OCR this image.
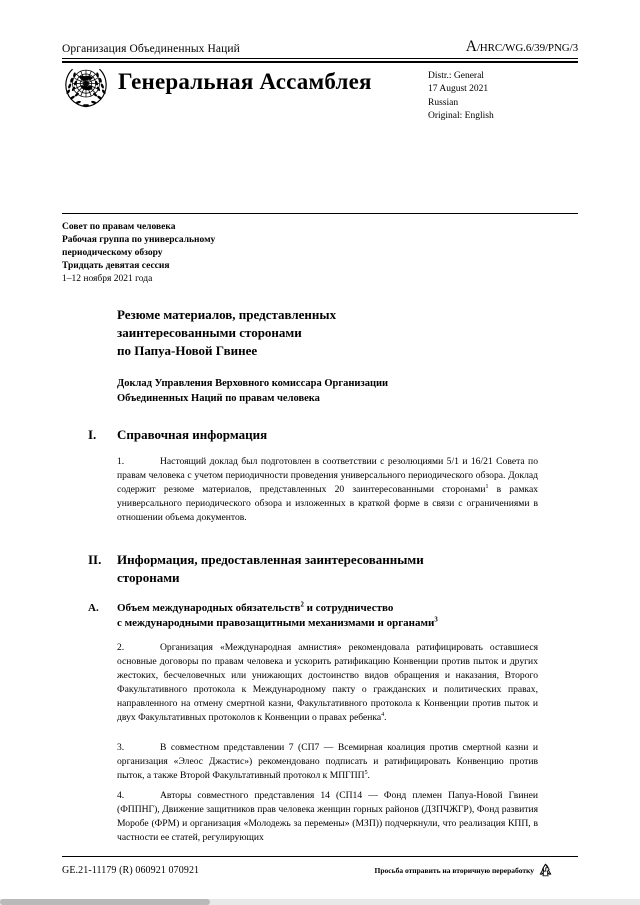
Организация Объединенных Наций	A/HRC/WG.6/39/PNG/3
Генеральная Ассамблея	Distr.: General
17 August 2021
Russian
Original: English
Совет по правам человека
Рабочая группа по универсальному
периодическому обзору
Тридцать девятая сессия
1–12 ноября 2021 года
Резюме материалов, представленных
заинтересованными сторонами
по Папуа-Новой Гвинее
Доклад Управления Верховного комиссара Организации
Объединенных Наций по правам человека
I.	Справочная информация
1.	Настоящий доклад был подготовлен в соответствии с резолюциями 5/1 и 16/21 Совета по правам человека с учетом периодичности проведения универсального периодического обзора. Доклад содержит резюме материалов, представленных 20 заинтересованными сторонами$^1$ в рамках универсального периодического обзора и изложенных в краткой форме в связи с ограничениями в отношении объема документов.
II.	Информация, предоставленная заинтересованными
сторонами
A.	Объем международных обязательств$^2$ и сотрудничество
с международными правозащитными механизмами и органами$^3$
2.	Организация «Международная амнистия» рекомендовала ратифицировать оставшиеся основные договоры по правам человека и ускорить ратификацию Конвенции против пыток и других жестоких, бесчеловечных или унижающих достоинство видов обращения и наказания, Второго Факультативного протокола к Международному пакту о гражданских и политических правах, направленного на отмену смертной казни, Факультативного протокола к Конвенции против пыток и двух Факультативных протоколов к Конвенции о правах ребенка$^4$.
3.	В совместном представлении 7 (СП7 — Всемирная коалиция против смертной казни и организация «Элеос Джастис») рекомендовано подписать и ратифицировать Конвенцию против пыток, а также Второй Факультативный протокол к МПГПП$^5$.
4.	Авторы совместного представления 14 (СП14 — Фонд племен Папуа-Новой Гвинеи (ФППНГ), Движение защитников прав человека женщин горных районов (ДЗПЧЖГР), Фонд развития Моробе (ФРМ) и организация «Молодежь за перемены» (МЗП)) подчеркнули, что реализация КПП, в частности ее статей, регулирующих
GE.21-11179 (R) 060921 070921	Просьба отправить на вторичную переработку
